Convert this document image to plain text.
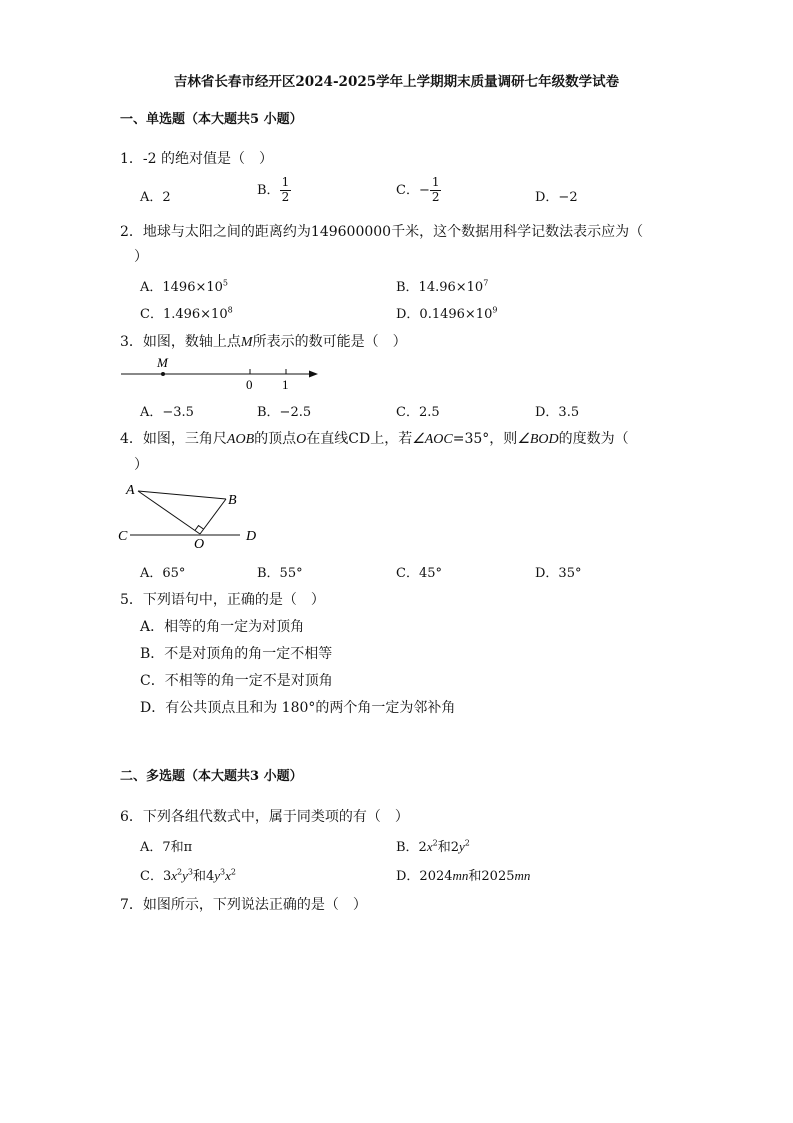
吉林省长春市经开区2024-2025学年上学期期末质量调研七年级数学试卷
一、单选题（本大题共5 小题）
1．-2 的绝对值是（　）
A．2	B． $\frac{1}{2}$	C．− $\frac{1}{2}$	D．−2
2．地球与太阳之间的距离约为149600000千米，这个数据用科学记数法表示应为（
）
A．$1496\times 10^5$	B．$14.96\times 10^7$
C．$1.496\times 10^8$	D．$0.1496\times 10^9$
3．如图，数轴上点M所表示的数可能是（　）
M
0 1
A．−3.5	B．−2.5	C．2.5	D．3.5
4．如图，三角尺AOB的顶点O在直线CD上，若∠AOC=35°，则∠BOD的度数为（
）
A
B
C
O
D
A．65°	B．55°	C．45°	D．35°
5．下列语句中，正确的是（　）
A．相等的角一定为对顶角
B．不是对顶角的角一定不相等
C．不相等的角一定不是对顶角
D．有公共顶点且和为 180°的两个角一定为邻补角
二、多选题（本大题共3 小题）
6．下列各组代数式中，属于同类项的有（　）
A．7和π	B．$2x^2$和$2y^2$
C．$3x^2y^3$和$4y^3x^2$	D．2024mn和2025mn
7．如图所示，下列说法正确的是（　）
